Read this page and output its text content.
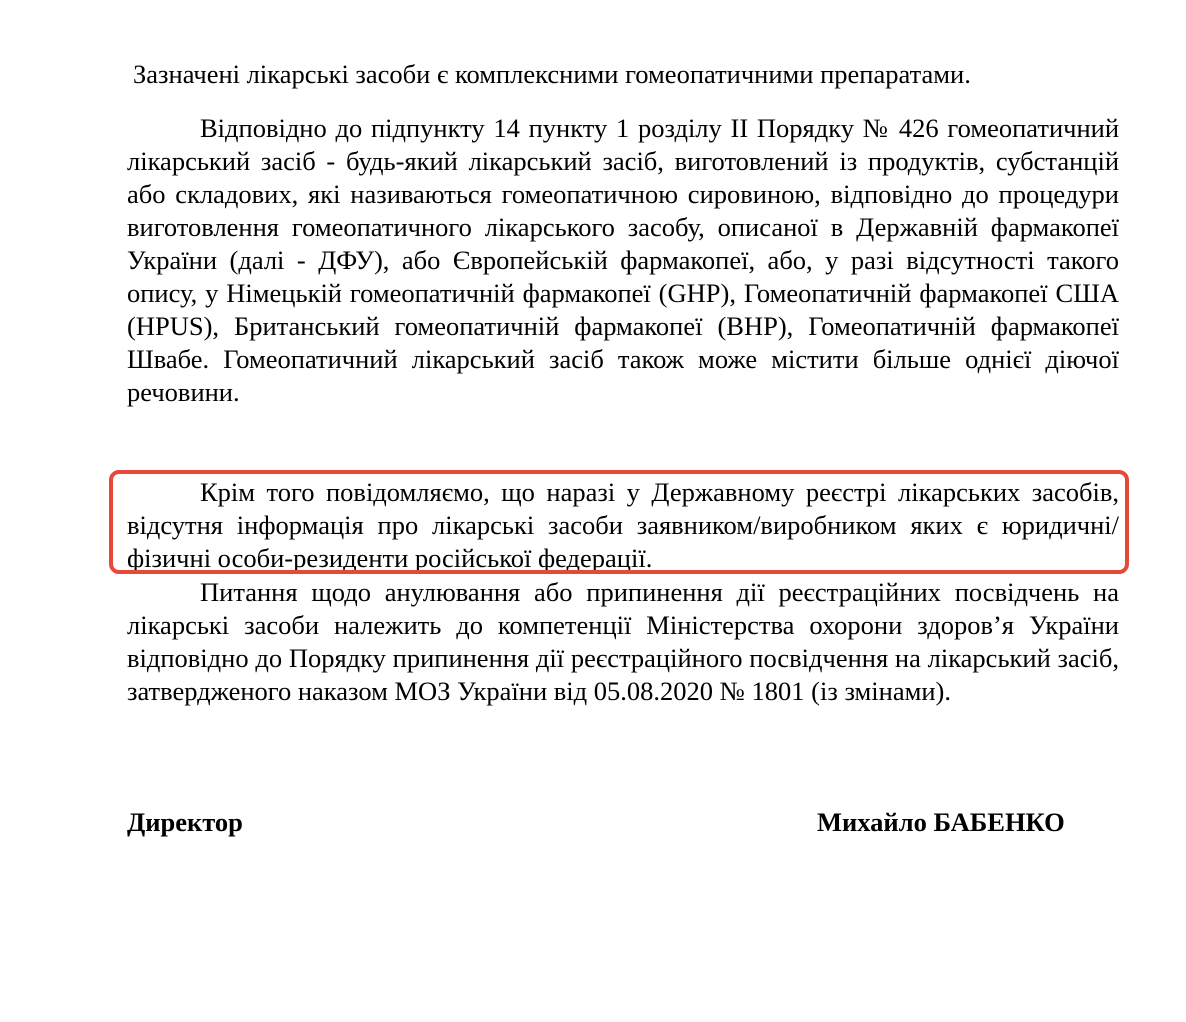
Зазначені лікарські засоби є комплексними гомеопатичними препаратами.

Відповідно до підпункту 14 пункту 1 розділу ІІ Порядку № 426 гомеопатичний лікарський засіб - будь-який лікарський засіб, виготовлений із продуктів, субстанцій або складових, які називаються гомеопатичною сировиною, відповідно до процедури виготовлення гомеопатичного лікарського засобу, описаної в Державній фармакопеї України (далі - ДФУ), або Європейській фармакопеї, або, у разі відсутності такого опису, у Німецькій гомеопатичній фармакопеї (GHP), Гомеопатичній фармакопеї США (HPUS), Британський гомеопатичній фармакопеї (BHP), Гомеопатичній фармакопеї Швабе. Гомеопатичний лікарський засіб також може містити більше однієї діючої речовини.

Крім того повідомляємо, що наразі у Державному реєстрі лікарських засобів, відсутня інформація про лікарські засоби заявником/виробником яких є юридичні/фізичні особи-резиденти російської федерації.

Питання щодо анулювання або припинення дії реєстраційних посвідчень на лікарські засоби належить до компетенції Міністерства охорони здоров’я України відповідно до Порядку припинення дії реєстраційного посвідчення на лікарський засіб, затвердженого наказом МОЗ України від 05.08.2020 № 1801 (із змінами).

Директор	Михайло БАБЕНКО
